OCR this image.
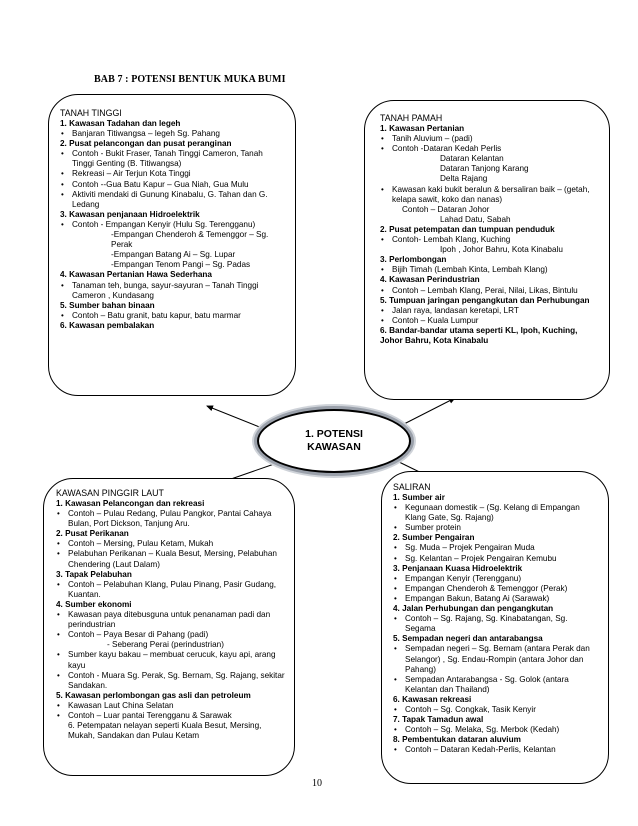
BAB 7 : POTENSI BENTUK MUKA BUMI
TANAH TINGGI
1. Kawasan Tadahan dan legeh
• Banjaran Titiwangsa – legeh Sg. Pahang
2. Pusat pelancongan dan pusat peranginan
• Contoh - Bukit Fraser, Tanah Tinggi Cameron, Tanah Tinggi Genting (B. Titiwangsa)
• Rekreasi – Air Terjun Kota Tinggi
• Contoh --Gua Batu Kapur – Gua Niah, Gua Mulu
• Aktiviti mendaki di Gunung Kinabalu, G. Tahan dan G. Ledang
3. Kawasan penjanaan Hidroelektrik
• Contoh - Empangan Kenyir (Hulu Sg. Terengganu)
-Empangan Chenderoh & Temenggor – Sg. Perak
-Empangan Batang Ai – Sg. Lupar
-Empangan Tenom Pangi – Sg. Padas
4. Kawasan Pertanian Hawa Sederhana
• Tanaman teh, bunga, sayur-sayuran – Tanah Tinggi Cameron , Kundasang
5. Sumber bahan binaan
• Contoh – Batu granit, batu kapur, batu marmar
6. Kawasan pembalakan
TANAH PAMAH
1. Kawasan Pertanian
• Tanih Aluvium – (padi)
• Contoh -Dataran Kedah Perlis
Dataran Kelantan
Dataran Tanjong Karang
Delta Rajang
• Kawasan kaki bukit beralun & bersaliran baik – (getah, kelapa sawit, koko dan nanas)
Contoh – Dataran Johor
Lahad Datu, Sabah
2. Pusat petempatan dan tumpuan penduduk
• Contoh- Lembah Klang, Kuching
Ipoh , Johor Bahru, Kota Kinabalu
3. Perlombongan
• Bijih Timah (Lembah Kinta, Lembah Klang)
4. Kawasan Perindustrian
• Contoh – Lembah Klang, Perai, Nilai, Likas, Bintulu
5. Tumpuan jaringan pengangkutan dan Perhubungan
• Jalan raya, landasan keretapi, LRT
• Contoh – Kuala Lumpur
6. Bandar-bandar utama seperti KL, Ipoh, Kuching, Johor Bahru, Kota Kinabalu
1. POTENSI
KAWASAN
KAWASAN PINGGIR LAUT
1. Kawasan Pelancongan dan rekreasi
• Contoh – Pulau Redang, Pulau Pangkor, Pantai Cahaya Bulan, Port Dickson, Tanjung Aru.
2. Pusat Perikanan
• Contoh – Mersing, Pulau Ketam, Mukah
• Pelabuhan Perikanan – Kuala Besut, Mersing, Pelabuhan Chendering (Laut Dalam)
3. Tapak Pelabuhan
• Contoh – Pelabuhan Klang, Pulau Pinang, Pasir Gudang, Kuantan.
4. Sumber ekonomi
• Kawasan paya ditebusguna untuk penanaman padi dan perindustrian
• Contoh – Paya Besar di Pahang (padi)
- Seberang Perai (perindustrian)
• Sumber kayu bakau – membuat cerucuk, kayu api, arang kayu
• Contoh - Muara Sg. Perak, Sg. Bernam, Sg. Rajang, sekitar Sandakan.
5. Kawasan perlombongan gas asli dan petroleum
• Kawasan Laut China Selatan
• Contoh – Luar pantai Terengganu & Sarawak
6. Petempatan nelayan seperti Kuala Besut, Mersing, Mukah, Sandakan dan Pulau Ketam
SALIRAN
1. Sumber air
• Kegunaan domestik – (Sg. Kelang di Empangan Klang Gate, Sg. Rajang)
• Sumber protein
2. Sumber Pengairan
• Sg. Muda – Projek Pengairan Muda
• Sg. Kelantan – Projek Pengairan Kemubu
3. Penjanaan Kuasa Hidroelektrik
• Empangan Kenyir (Terengganu)
• Empangan Chenderoh & Temenggor (Perak)
• Empangan Bakun, Batang Ai (Sarawak)
4. Jalan Perhubungan dan pengangkutan
• Contoh – Sg. Rajang, Sg. Kinabatangan, Sg. Segama
5. Sempadan negeri dan antarabangsa
• Sempadan negeri – Sg. Bernam (antara Perak dan Selangor) , Sg. Endau-Rompin (antara Johor dan Pahang)
• Sempadan Antarabangsa - Sg. Golok (antara Kelantan dan Thailand)
6. Kawasan rekreasi
• Contoh – Sg. Congkak, Tasik Kenyir
7. Tapak Tamadun awal
• Contoh – Sg. Melaka, Sg. Merbok (Kedah)
8. Pembentukan dataran aluvium
• Contoh – Dataran Kedah-Perlis, Kelantan
10
